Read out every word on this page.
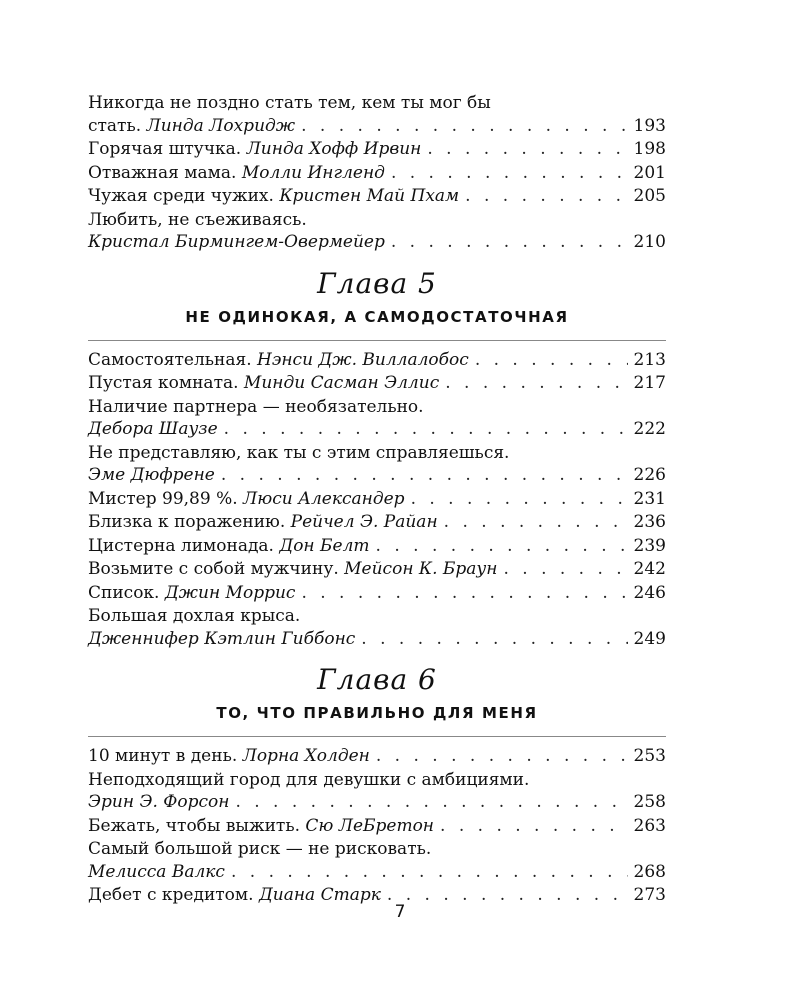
Никогда не поздно стать тем, кем ты мог бы
стать. Линда Лохридж . . .	193
Горячая штучка. Линда Хофф Ирвин . . .	198
Отважная мама. Молли Ингленд . . .	201
Чужая среди чужих. Кристен Май Пхам . . .	205
Любить, не съеживаясь.
Кристал Бирмингем-Овермейер . . .	210
Глава 5
НЕ ОДИНОКАЯ, А САМОДОСТАТОЧНАЯ
Самостоятельная. Нэнси Дж. Виллалобос . . .	213
Пустая комната. Минди Сасман Эллис . . .	217
Наличие партнера — необязательно.
Дебора Шаузе . . .	222
Не представляю, как ты с этим справляешься.
Эме Дюфрене . . .	226
Мистер 99,89 %. Люси Александер . . .	231
Близка к поражению. Рейчел Э. Райан . . .	236
Цистерна лимонада. Дон Белт . . .	239
Возьмите с собой мужчину. Мейсон К. Браун . . .	242
Список. Джин Моррис . . .	246
Большая дохлая крыса.
Дженнифер Кэтлин Гиббонс . . .	249
Глава 6
ТО, ЧТО ПРАВИЛЬНО ДЛЯ МЕНЯ
10 минут в день. Лорна Холден . . .	253
Неподходящий город для девушки с амбициями.
Эрин Э. Форсон . . .	258
Бежать, чтобы выжить. Сю ЛеБретон . . .	263
Самый большой риск — не рисковать.
Мелисса Валкс . . .	268
Дебет с кредитом. Диана Старк . . .	273
7
